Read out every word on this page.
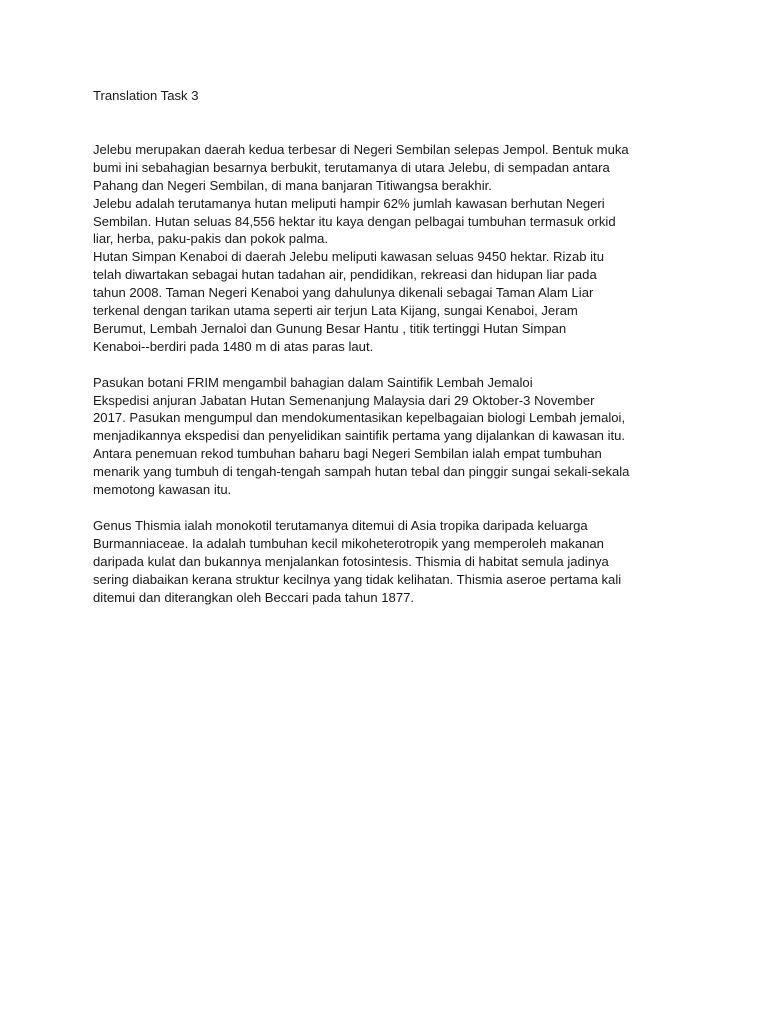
Translation Task 3
Jelebu merupakan daerah kedua terbesar di Negeri Sembilan selepas Jempol. Bentuk muka
bumi ini sebahagian besarnya berbukit, terutamanya di utara Jelebu, di sempadan antara
Pahang dan Negeri Sembilan, di mana banjaran Titiwangsa berakhir.
Jelebu adalah terutamanya hutan meliputi hampir 62% jumlah kawasan berhutan Negeri
Sembilan. Hutan seluas 84,556 hektar itu kaya dengan pelbagai tumbuhan termasuk orkid
liar, herba, paku-pakis dan pokok palma.
Hutan Simpan Kenaboi di daerah Jelebu meliputi kawasan seluas 9450 hektar. Rizab itu
telah diwartakan sebagai hutan tadahan air, pendidikan, rekreasi dan hidupan liar pada
tahun 2008. Taman Negeri Kenaboi yang dahulunya dikenali sebagai Taman Alam Liar
terkenal dengan tarikan utama seperti air terjun Lata Kijang, sungai Kenaboi, Jeram
Berumut, Lembah Jernaloi dan Gunung Besar Hantu , titik tertinggi Hutan Simpan
Kenaboi--berdiri pada 1480 m di atas paras laut.
Pasukan botani FRIM mengambil bahagian dalam Saintifik Lembah Jemaloi
Ekspedisi anjuran Jabatan Hutan Semenanjung Malaysia dari 29 Oktober-3 November
2017. Pasukan mengumpul dan mendokumentasikan kepelbagaian biologi Lembah jemaloi,
menjadikannya ekspedisi dan penyelidikan saintifik pertama yang dijalankan di kawasan itu.
Antara penemuan rekod tumbuhan baharu bagi Negeri Sembilan ialah empat tumbuhan
menarik yang tumbuh di tengah-tengah sampah hutan tebal dan pinggir sungai sekali-sekala
memotong kawasan itu.
Genus Thismia ialah monokotil terutamanya ditemui di Asia tropika daripada keluarga
Burmanniaceae. Ia adalah tumbuhan kecil mikoheterotropik yang memperoleh makanan
daripada kulat dan bukannya menjalankan fotosintesis. Thismia di habitat semula jadinya
sering diabaikan kerana struktur kecilnya yang tidak kelihatan. Thismia aseroe pertama kali
ditemui dan diterangkan oleh Beccari pada tahun 1877.
